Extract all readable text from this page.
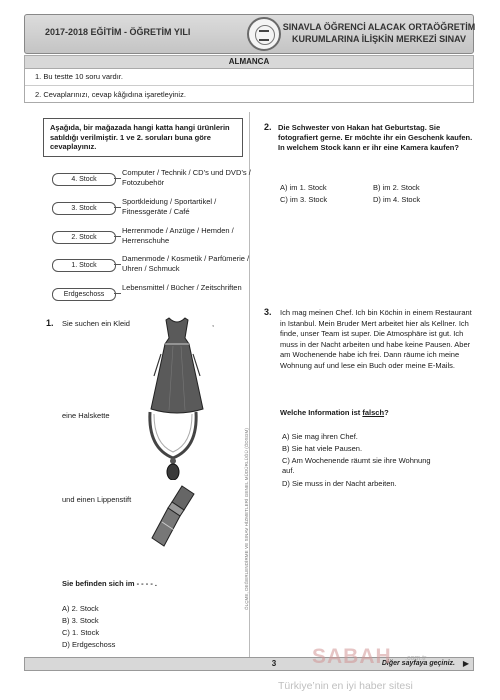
2017-2018 EĞİTİM - ÖĞRETİM YILI	SINAVLA ÖĞRENCİ ALACAK ORTAÖĞRETİM
KURUMLARINA İLİŞKİN MERKEZİ SINAV
ALMANCA
1. Bu testte 10 soru vardır.
2. Cevaplarınızı, cevap kâğıdına işaretleyiniz.
ÖLÇME, DEĞERLENDİRME VE SINAV HİZMETLERİ GENEL MÜDÜRLÜĞÜ (ÖDSGM)
Aşağıda, bir mağazada hangi katta hangi ürünlerin satıldığı verilmiştir. 1 ve 2. soruları buna göre cevaplayınız.
4. Stock
Computer / Technik / CD’s und DVD’s / Fotozubehör
3. Stock
Sportkleidung / Sportartikel / Fitnessgeräte / Café
2. Stock
Herrenmode / Anzüge / Hemden / Herrenschuhe
1. Stock
Damenmode / Kosmetik / Parfümerie / Uhren / Schmuck
Erdgeschoss
Lebensmittel / Bücher / Zeitschriften
1. Sie suchen ein Kleid	,
eine Halskette
und einen Lippenstift
Sie befinden sich im - - - - .
A) 2. Stock
B) 3. Stock
C) 1. Stock
D) Erdgeschoss
2. Die Schwester von Hakan hat Geburtstag. Sie fotografiert gerne. Er möchte ihr ein Geschenk kaufen. In welchem Stock kann er ihr eine Kamera kaufen?
A) im 1. Stock	B) im 2. Stock
C) im 3. Stock	D) im 4. Stock
3. Ich mag meinen Chef. Ich bin Köchin in einem Restaurant in Istanbul. Mein Bruder Mert arbeitet hier als Kellner. Ich finde, unser Team ist super. Die Atmosphäre ist gut. Ich muss in der Nacht arbeiten und habe keine Pausen. Aber am Wochenende habe ich frei. Dann räume ich meine Wohnung auf und lese ein Buch oder meine E-Mails.
Welche Information ist falsch?
A) Sie mag ihren Chef.
B) Sie hat viele Pausen.
C) Am Wochenende räumt sie ihre Wohnung auf.
D) Sie muss in der Nacht arbeiten.
3	Diğer sayfaya geçiniz. ▶
SABAH .com.tr
Türkiye’nin en iyi haber sitesi
